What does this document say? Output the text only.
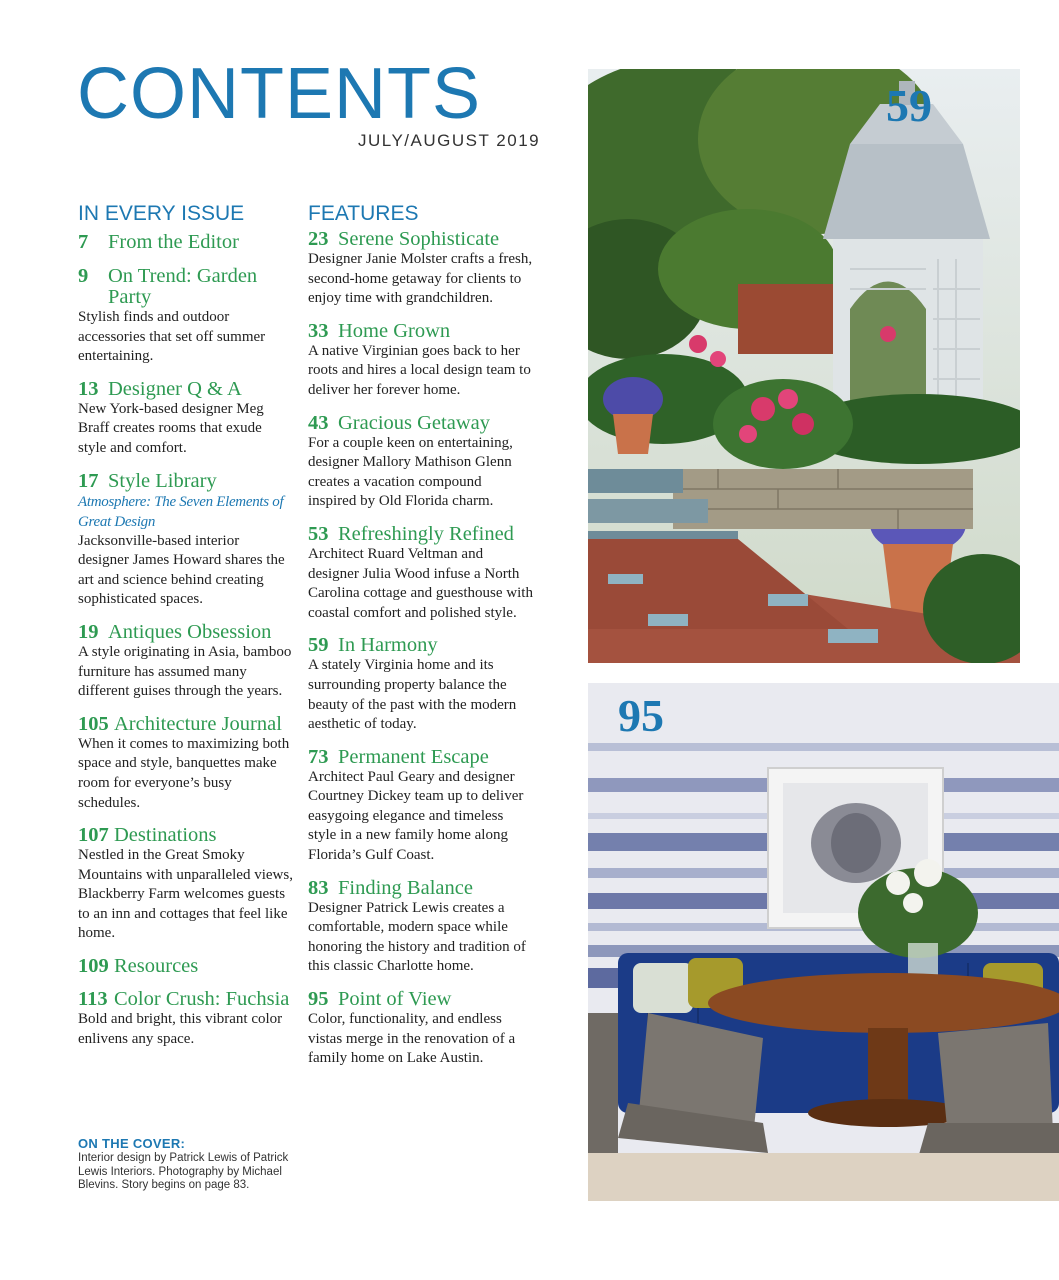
CONTENTS
JULY/AUGUST 2019
IN EVERY ISSUE	FEATURES
7 From the Editor
9 On Trend: Garden Party
Stylish finds and outdoor accessories that set off summer entertaining.
13 Designer Q & A
New York-based designer Meg Braff creates rooms that exude style and comfort.
17 Style Library
Atmosphere: The Seven Elements of Great Design
Jacksonville-based interior designer James Howard shares the art and science behind creating sophisticated spaces.
19 Antiques Obsession
A style originating in Asia, bamboo furniture has assumed many different guises through the years.
105 Architecture Journal
When it comes to maximizing both space and style, banquettes make room for everyone’s busy schedules.
107 Destinations
Nestled in the Great Smoky Mountains with unparalleled views, Blackberry Farm welcomes guests to an inn and cottages that feel like home.
109 Resources
113 Color Crush: Fuchsia
Bold and bright, this vibrant color enlivens any space.
23 Serene Sophisticate
Designer Janie Molster crafts a fresh, second-home getaway for clients to enjoy time with grandchildren.
33 Home Grown
A native Virginian goes back to her roots and hires a local design team to deliver her forever home.
43 Gracious Getaway
For a couple keen on entertaining, designer Mallory Mathison Glenn creates a vacation compound inspired by Old Florida charm.
53 Refreshingly Refined
Architect Ruard Veltman and designer Julia Wood infuse a North Carolina cottage and guesthouse with coastal comfort and polished style.
59 In Harmony
A stately Virginia home and its surrounding property balance the beauty of the past with the modern aesthetic of today.
73 Permanent Escape
Architect Paul Geary and designer Courtney Dickey team up to deliver easygoing elegance and timeless style in a new family home along Florida’s Gulf Coast.
83 Finding Balance
Designer Patrick Lewis creates a comfortable, modern space while honoring the history and tradition of this classic Charlotte home.
95 Point of View
Color, functionality, and endless vistas merge in the renovation of a family home on Lake Austin.
ON THE COVER:
Interior design by Patrick Lewis of Patrick Lewis Interiors. Photography by Michael Blevins. Story begins on page 83.
59
95
